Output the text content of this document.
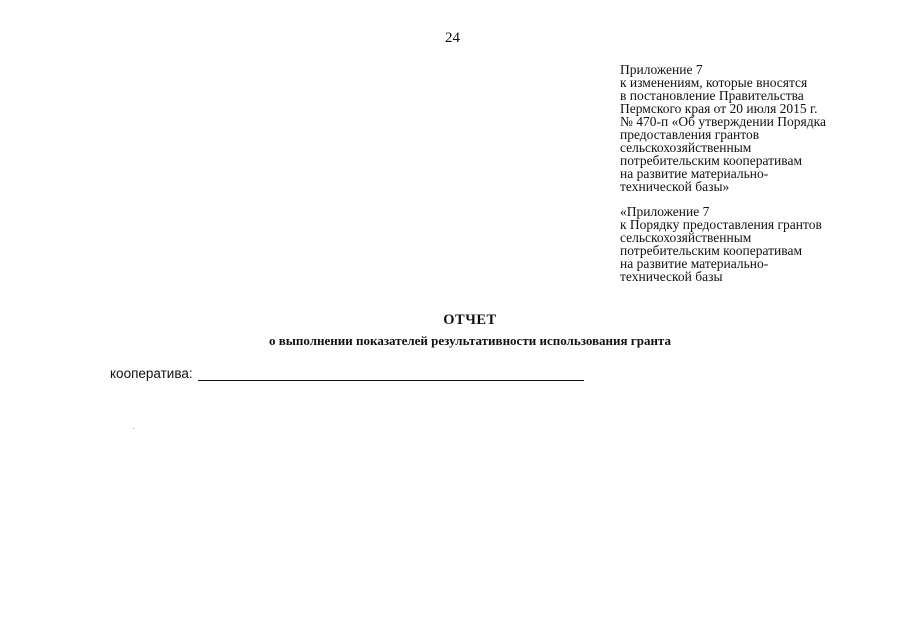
24
Приложение 7
к изменениям, которые вносятся
в постановление Правительства
Пермского края от 20 июля 2015 г.
№ 470-п «Об утверждении Порядка
предоставления грантов
сельскохозяйственным
потребительским кооперативам
на развитие материально-
технической базы»
«Приложение 7
к Порядку предоставления грантов
сельскохозяйственным
потребительским кооперативам
на развитие материально-
технической базы
ОТЧЕТ
о выполнении показателей результативности использования гранта
кооператива:
